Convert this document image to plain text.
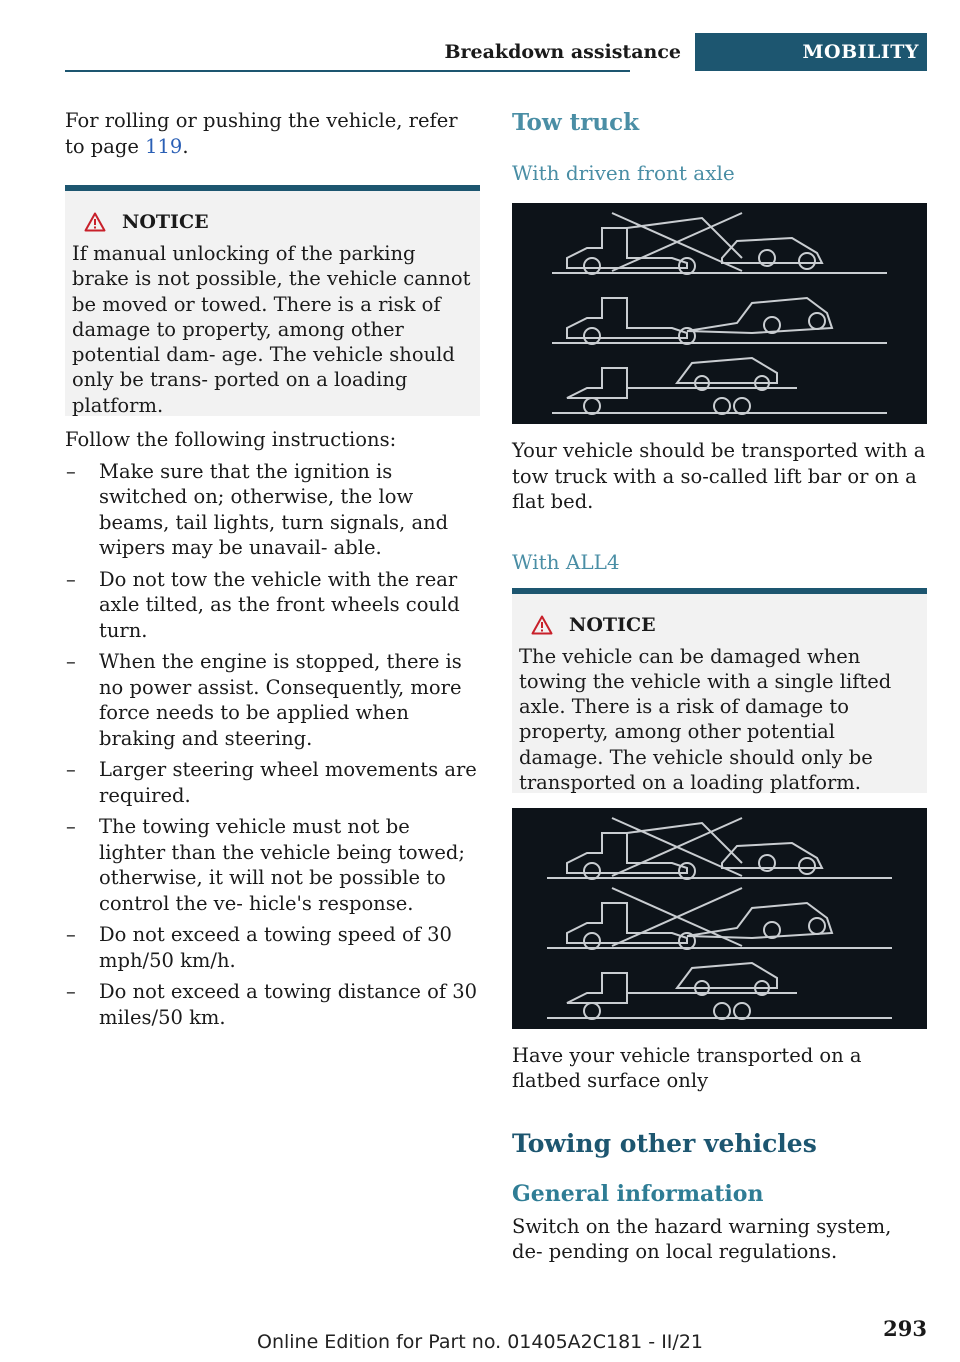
Breakdown assistance	MOBILITY

For rolling or pushing the vehicle, refer to page 119.

NOTICE

If manual unlocking of the parking brake is not possible, the vehicle cannot be moved or towed. There is a risk of damage to property, among other potential dam‐ age. The vehicle should only be trans‐ ported on a loading platform.

Follow the following instructions:

– Make sure that the ignition is switched on; otherwise, the low beams, tail lights, turn signals, and wipers may be unavail‐ able.
– Do not tow the vehicle with the rear axle tilted, as the front wheels could turn.
– When the engine is stopped, there is no power assist. Consequently, more force needs to be applied when braking and steering.
– Larger steering wheel movements are required.
– The towing vehicle must not be lighter than the vehicle being towed; otherwise, it will not be possible to control the ve‐ hicle's response.
– Do not exceed a towing speed of 30 mph/50 km/h.
– Do not exceed a towing distance of 30 miles/50 km.
Tow truck
With driven front axle

Your vehicle should be transported with a tow truck with a so-called lift bar or on a flat bed.

With ALL4
NOTICE

The vehicle can be damaged when towing the vehicle with a single lifted axle. There is a risk of damage to property, among other potential damage. The vehicle should only be transported on a loading platform.

Have your vehicle transported on a flatbed surface only

Towing other vehicles
General information

Switch on the hazard warning system, de‐ pending on local regulations.

293
Online Edition for Part no. 01405A2C181 - II/21
